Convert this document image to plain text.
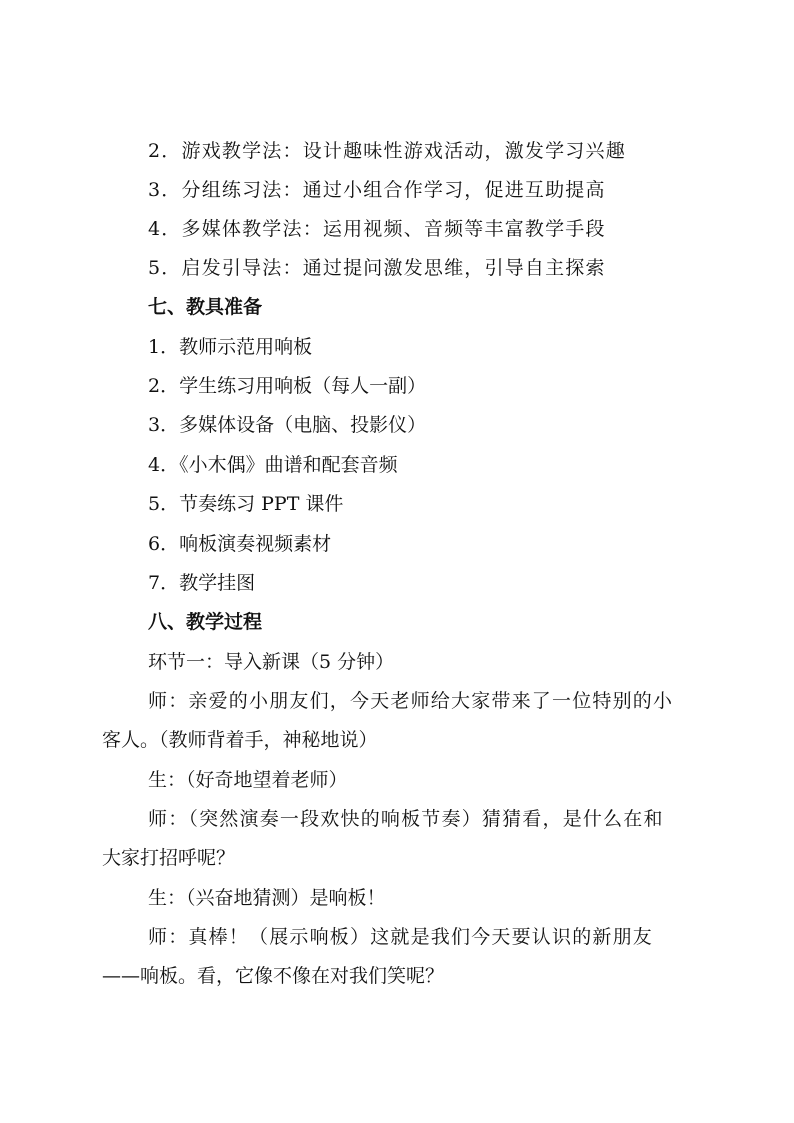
2．游戏教学法：设计趣味性游戏活动，激发学习兴趣
3．分组练习法：通过小组合作学习，促进互助提高
4．多媒体教学法：运用视频、音频等丰富教学手段
5．启发引导法：通过提问激发思维，引导自主探索
七、教具准备
1．教师示范用响板
2．学生练习用响板（每人一副）
3．多媒体设备（电脑、投影仪）
4．《小木偶》曲谱和配套音频
5．节奏练习 PPT 课件
6．响板演奏视频素材
7．教学挂图
八、教学过程
环节一：导入新课（5 分钟）
师：亲爱的小朋友们，今天老师给大家带来了一位特别的小
客人。（教师背着手，神秘地说）
生：（好奇地望着老师）
师：（突然演奏一段欢快的响板节奏）猜猜看，是什么在和
大家打招呼呢？
生：（兴奋地猜测）是响板！
师：真棒！（展示响板）这就是我们今天要认识的新朋友
——响板。看，它像不像在对我们笑呢？
